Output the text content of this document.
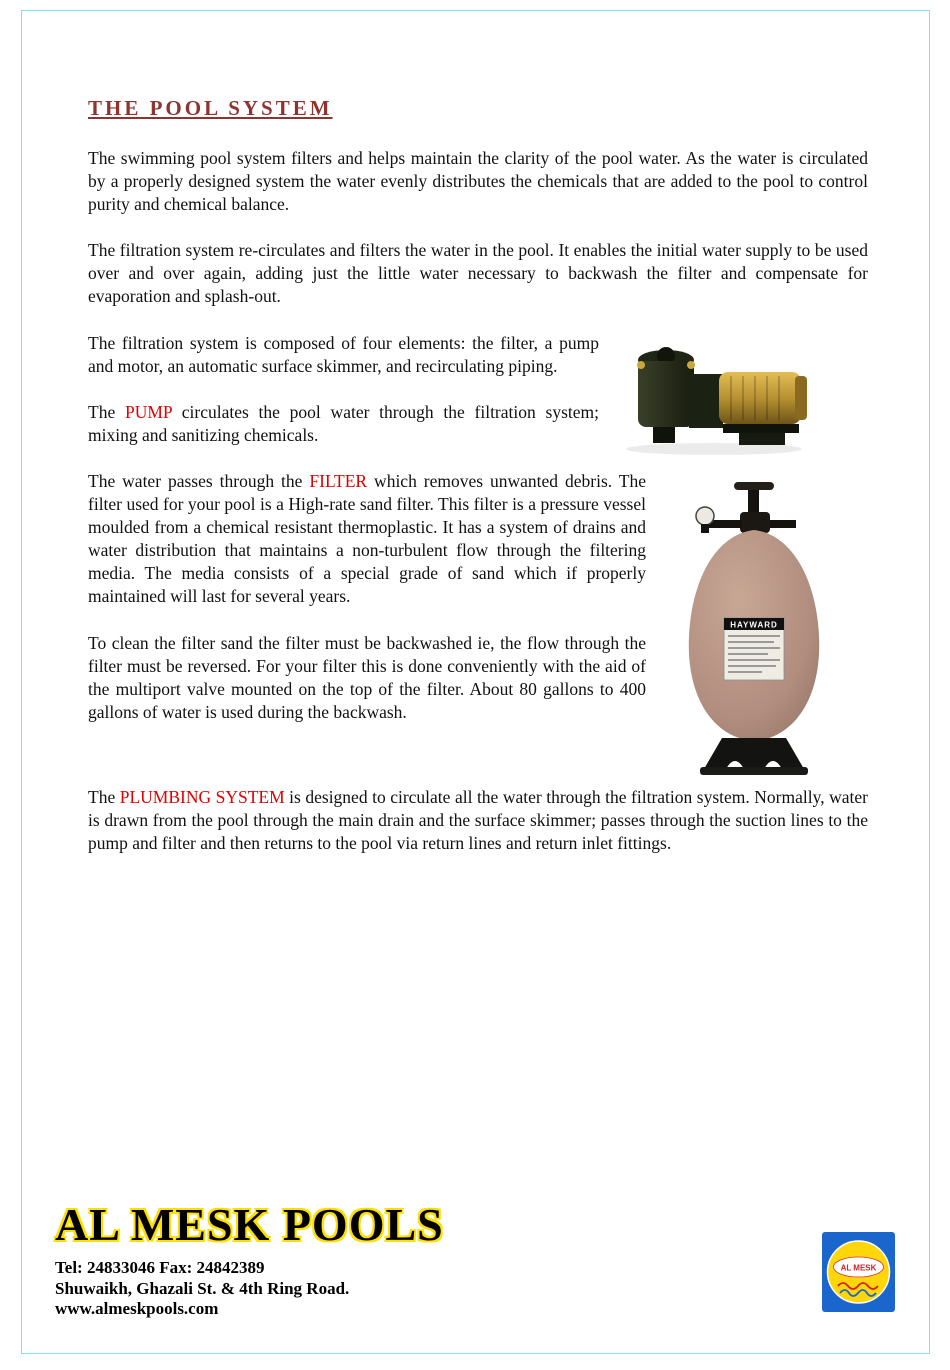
THE POOL SYSTEM

The swimming pool system filters and helps maintain the clarity of the pool water. As the water is circulated by a properly designed system the water evenly distributes the chemicals that are added to the pool to control purity and chemical balance.

The filtration system re-circulates and filters the water in the pool. It enables the initial water supply to be used over and over again, adding just the little water necessary to backwash the filter and compensate for evaporation and splash-out.

The filtration system is composed of four elements: the filter, a pump and motor, an automatic surface skimmer, and recirculating piping.

The PUMP circulates the pool water through the filtration system; mixing and sanitizing chemicals.

HAYWARD

The water passes through the FILTER which removes unwanted debris. The filter used for your pool is a High-rate sand filter. This filter is a pressure vessel moulded from a chemical resistant thermoplastic. It has a system of drains and water distribution that maintains a non-turbulent flow through the filtering media. The media consists of a special grade of sand which if properly maintained will last for several years.

To clean the filter sand the filter must be backwashed ie, the flow through the filter must be reversed. For your filter this is done conveniently with the aid of the multiport valve mounted on the top of the filter. About 80 gallons to 400 gallons of water is used during the backwash.

The PLUMBING SYSTEM is designed to circulate all the water through the filtration system. Normally, water is drawn from the pool through the main drain and the surface skimmer; passes through the suction lines to the pump and filter and then returns to the pool via return lines and return inlet fittings.

AL MESK POOLS
Tel: 24833046 Fax: 24842389
Shuwaikh, Ghazali St. & 4th Ring Road.
www.almeskpools.com
AL MESK
